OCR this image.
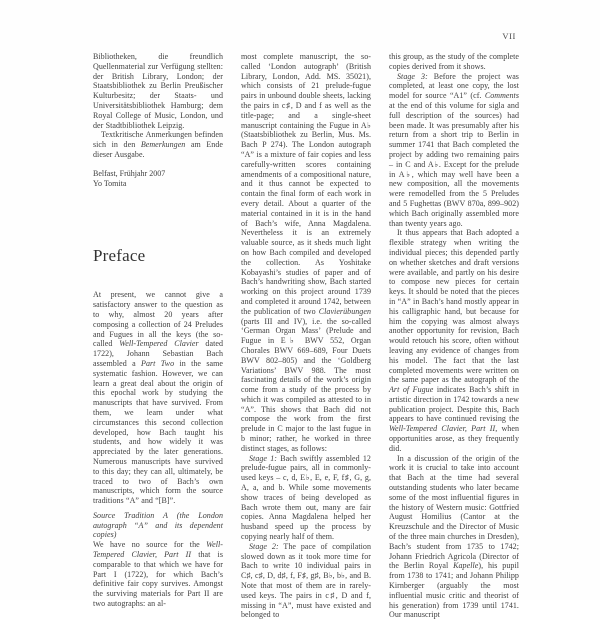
VII
Bibliotheken, die freundlich Quellenmaterial zur Verfügung stellten: der British Library, London; der Staatsbibliothek zu Berlin Preußischer Kulturbesitz; der Staats- und Universitätsbibliothek Hamburg; dem Royal College of Music, London, und der Stadtbibliothek Leipzig.
Textkritische Anmerkungen befinden sich in den Bemerkungen am Ende dieser Ausgabe.
Belfast, Frühjahr 2007
Yo Tomita
Preface
At present, we cannot give a satisfactory answer to the question as to why, almost 20 years after composing a collection of 24 Preludes and Fugues in all the keys (the so-called Well-Tempered Clavier dated 1722), Johann Sebastian Bach assembled a Part Two in the same systematic fashion. However, we can learn a great deal about the origin of this epochal work by studying the manuscripts that have survived. From them, we learn under what circumstances this second collection developed, how Bach taught his students, and how widely it was appreciated by the later generations. Numerous manuscripts have survived to this day; they can all, ultimately, be traced to two of Bach’s own manuscripts, which form the source traditions “A” and “[B]”.
Source Tradition A (the London autograph “A” and its dependent copies)
We have no source for the Well-Tempered Clavier, Part II that is comparable to that which we have for Part I (1722), for which Bach’s definitive fair copy survives. Amongst the surviving materials for Part II are two autographs: an al-
most complete manuscript, the so-called ‘London autograph’ (British Library, London, Add. MS. 35021), which consists of 21 prelude-fugue pairs in unbound double sheets, lacking the pairs in c♯, D and f as well as the title-page; and a single-sheet manuscript containing the Fugue in A♭ (Staatsbibliothek zu Berlin, Mus. Ms. Bach P 274). The London autograph “A” is a mixture of fair copies and less carefully-written scores containing amendments of a compositional nature, and it thus cannot be expected to contain the final form of each work in every detail. About a quarter of the material contained in it is in the hand of Bach’s wife, Anna Magdalena. Nevertheless it is an extremely valuable source, as it sheds much light on how Bach compiled and developed the collection. As Yoshitake Kobayashi’s studies of paper and of Bach’s handwriting show, Bach started working on this project around 1739 and completed it around 1742, between the publication of two Clavierübungen (parts III and IV), i.e. the so-called ‘German Organ Mass’ (Prelude and Fugue in E♭ BWV 552, Organ Chorales BWV 669–689, Four Duets BWV 802–805) and the ‘Goldberg Variations’ BWV 988. The most fascinating details of the work’s origin come from a study of the process by which it was compiled as attested to in “A”. This shows that Bach did not compose the work from the first prelude in C major to the last fugue in b minor; rather, he worked in three distinct stages, as follows:
Stage 1: Bach swiftly assembled 12 prelude-fugue pairs, all in commonly-used keys – c, d, E♭, E, e, F, f♯, G, g, A, a, and b. While some movements show traces of being developed as Bach wrote them out, many are fair copies. Anna Magdalena helped her husband speed up the process by copying nearly half of them.
Stage 2: The pace of compilation slowed down as it took more time for Bach to write 10 individual pairs in C♯, c♯, D, d♯, f, F♯, g♯, B♭, b♭, and B. Note that most of them are in rarely-used keys. The pairs in c♯, D and f, missing in “A”, must have existed and belonged to
this group, as the study of the complete copies derived from it shows.
Stage 3: Before the project was completed, at least one copy, the lost model for source “A1” (cf. Comments at the end of this volume for sigla and full description of the sources) had been made. It was presumably after his return from a short trip to Berlin in summer 1741 that Bach completed the project by adding two remaining pairs – in C and A♭. Except for the prelude in A♭, which may well have been a new composition, all the movements were remodelled from the 5 Preludes and 5 Fughettas (BWV 870a, 899–902) which Bach originally assembled more than twenty years ago.
It thus appears that Bach adopted a flexible strategy when writing the individual pieces; this depended partly on whether sketches and draft versions were available, and partly on his desire to compose new pieces for certain keys. It should be noted that the pieces in “A” in Bach’s hand mostly appear in his calligraphic hand, but because for him the copying was almost always another opportunity for revision, Bach would retouch his score, often without leaving any evidence of changes from his model. The fact that the last completed movements were written on the same paper as the autograph of the Art of Fugue indicates Bach’s shift in artistic direction in 1742 towards a new publication project. Despite this, Bach appears to have continued revising the Well-Tempered Clavier, Part II, when opportunities arose, as they frequently did.
In a discussion of the origin of the work it is crucial to take into account that Bach at the time had several outstanding students who later became some of the most influential figures in the history of Western music: Gottfried August Homilius (Cantor at the Kreuzschule and the Director of Music of the three main churches in Dresden), Bach’s student from 1735 to 1742; Johann Friedrich Agricola (Director of the Berlin Royal Kapelle), his pupil from 1738 to 1741; and Johann Philipp Kirnberger (arguably the most influential music critic and theorist of his generation) from 1739 until 1741. Our manuscript
